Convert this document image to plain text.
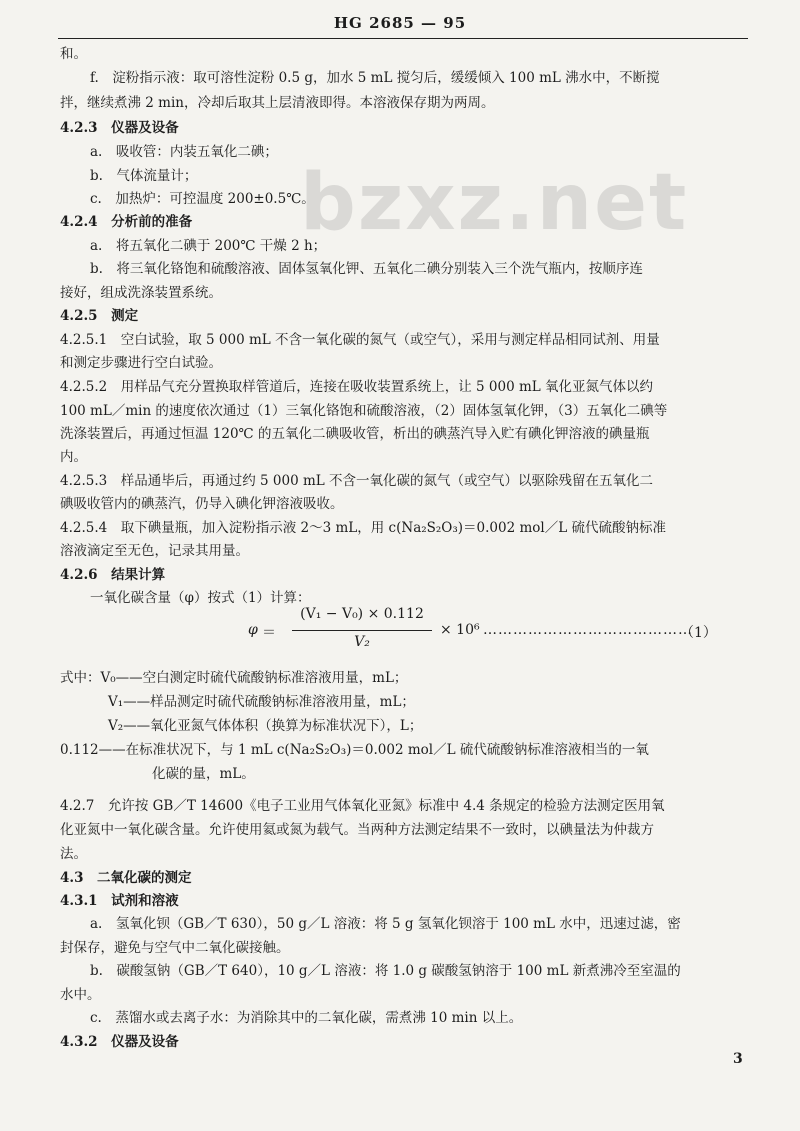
HG 2685 — 95
bzxz.net
和。
f.　淀粉指示液：取可溶性淀粉 0.5 g，加水 5 mL 搅匀后，缓缓倾入 100 mL 沸水中，不断搅
拌，继续煮沸 2 min，冷却后取其上层清液即得。本溶液保存期为两周。
4.2.3　仪器及设备
a.　吸收管：内装五氧化二碘；
b.　气体流量计；
c.　加热炉：可控温度 200±0.5℃。
4.2.4　分析前的准备
a.　将五氧化二碘于 200℃ 干燥 2 h；
b.　将三氧化铬饱和硫酸溶液、固体氢氧化钾、五氧化二碘分别装入三个洗气瓶内，按顺序连
接好，组成洗涤装置系统。
4.2.5　测定
4.2.5.1　空白试验，取 5 000 mL 不含一氧化碳的氮气（或空气），采用与测定样品相同试剂、用量
和测定步骤进行空白试验。
4.2.5.2　用样品气充分置换取样管道后，连接在吸收装置系统上，让 5 000 mL 氧化亚氮气体以约
100 mL／min 的速度依次通过（1）三氧化铬饱和硫酸溶液，（2）固体氢氧化钾，（3）五氧化二碘等
洗涤装置后，再通过恒温 120℃ 的五氧化二碘吸收管，析出的碘蒸汽导入贮有碘化钾溶液的碘量瓶
内。
4.2.5.3　样品通毕后，再通过约 5 000 mL 不含一氧化碳的氮气（或空气）以驱除残留在五氧化二
碘吸收管内的碘蒸汽，仍导入碘化钾溶液吸收。
4.2.5.4　取下碘量瓶，加入淀粉指示液 2～3 mL，用 c(Na₂S₂O₃)＝0.002 mol／L 硫代硫酸钠标准
溶液滴定至无色，记录其用量。
4.2.6　结果计算
一氧化碳含量（φ）按式（1）计算：
φ ＝
(V₁ − V₀) × 0.112
V₂
× 10⁶ ……………………………………
（1）
式中：V₀——空白测定时硫代硫酸钠标准溶液用量，mL；
V₁——样品测定时硫代硫酸钠标准溶液用量，mL；
V₂——氧化亚氮气体体积（换算为标准状况下），L；
0.112——在标准状况下，与 1 mL c(Na₂S₂O₃)＝0.002 mol／L 硫代硫酸钠标准溶液相当的一氧
化碳的量，mL。
4.2.7　允许按 GB／T 14600《电子工业用气体氧化亚氮》标准中 4.4 条规定的检验方法测定医用氧
化亚氮中一氧化碳含量。允许使用氦或氮为载气。当两种方法测定结果不一致时，以碘量法为仲裁方
法。
4.3　二氧化碳的测定
4.3.1　试剂和溶液
a.　氢氧化钡（GB／T 630），50 g／L 溶液：将 5 g 氢氧化钡溶于 100 mL 水中，迅速过滤，密
封保存，避免与空气中二氧化碳接触。
b.　碳酸氢钠（GB／T 640），10 g／L 溶液：将 1.0 g 碳酸氢钠溶于 100 mL 新煮沸冷至室温的
水中。
c.　蒸馏水或去离子水：为消除其中的二氧化碳，需煮沸 10 min 以上。
4.3.2　仪器及设备
3
